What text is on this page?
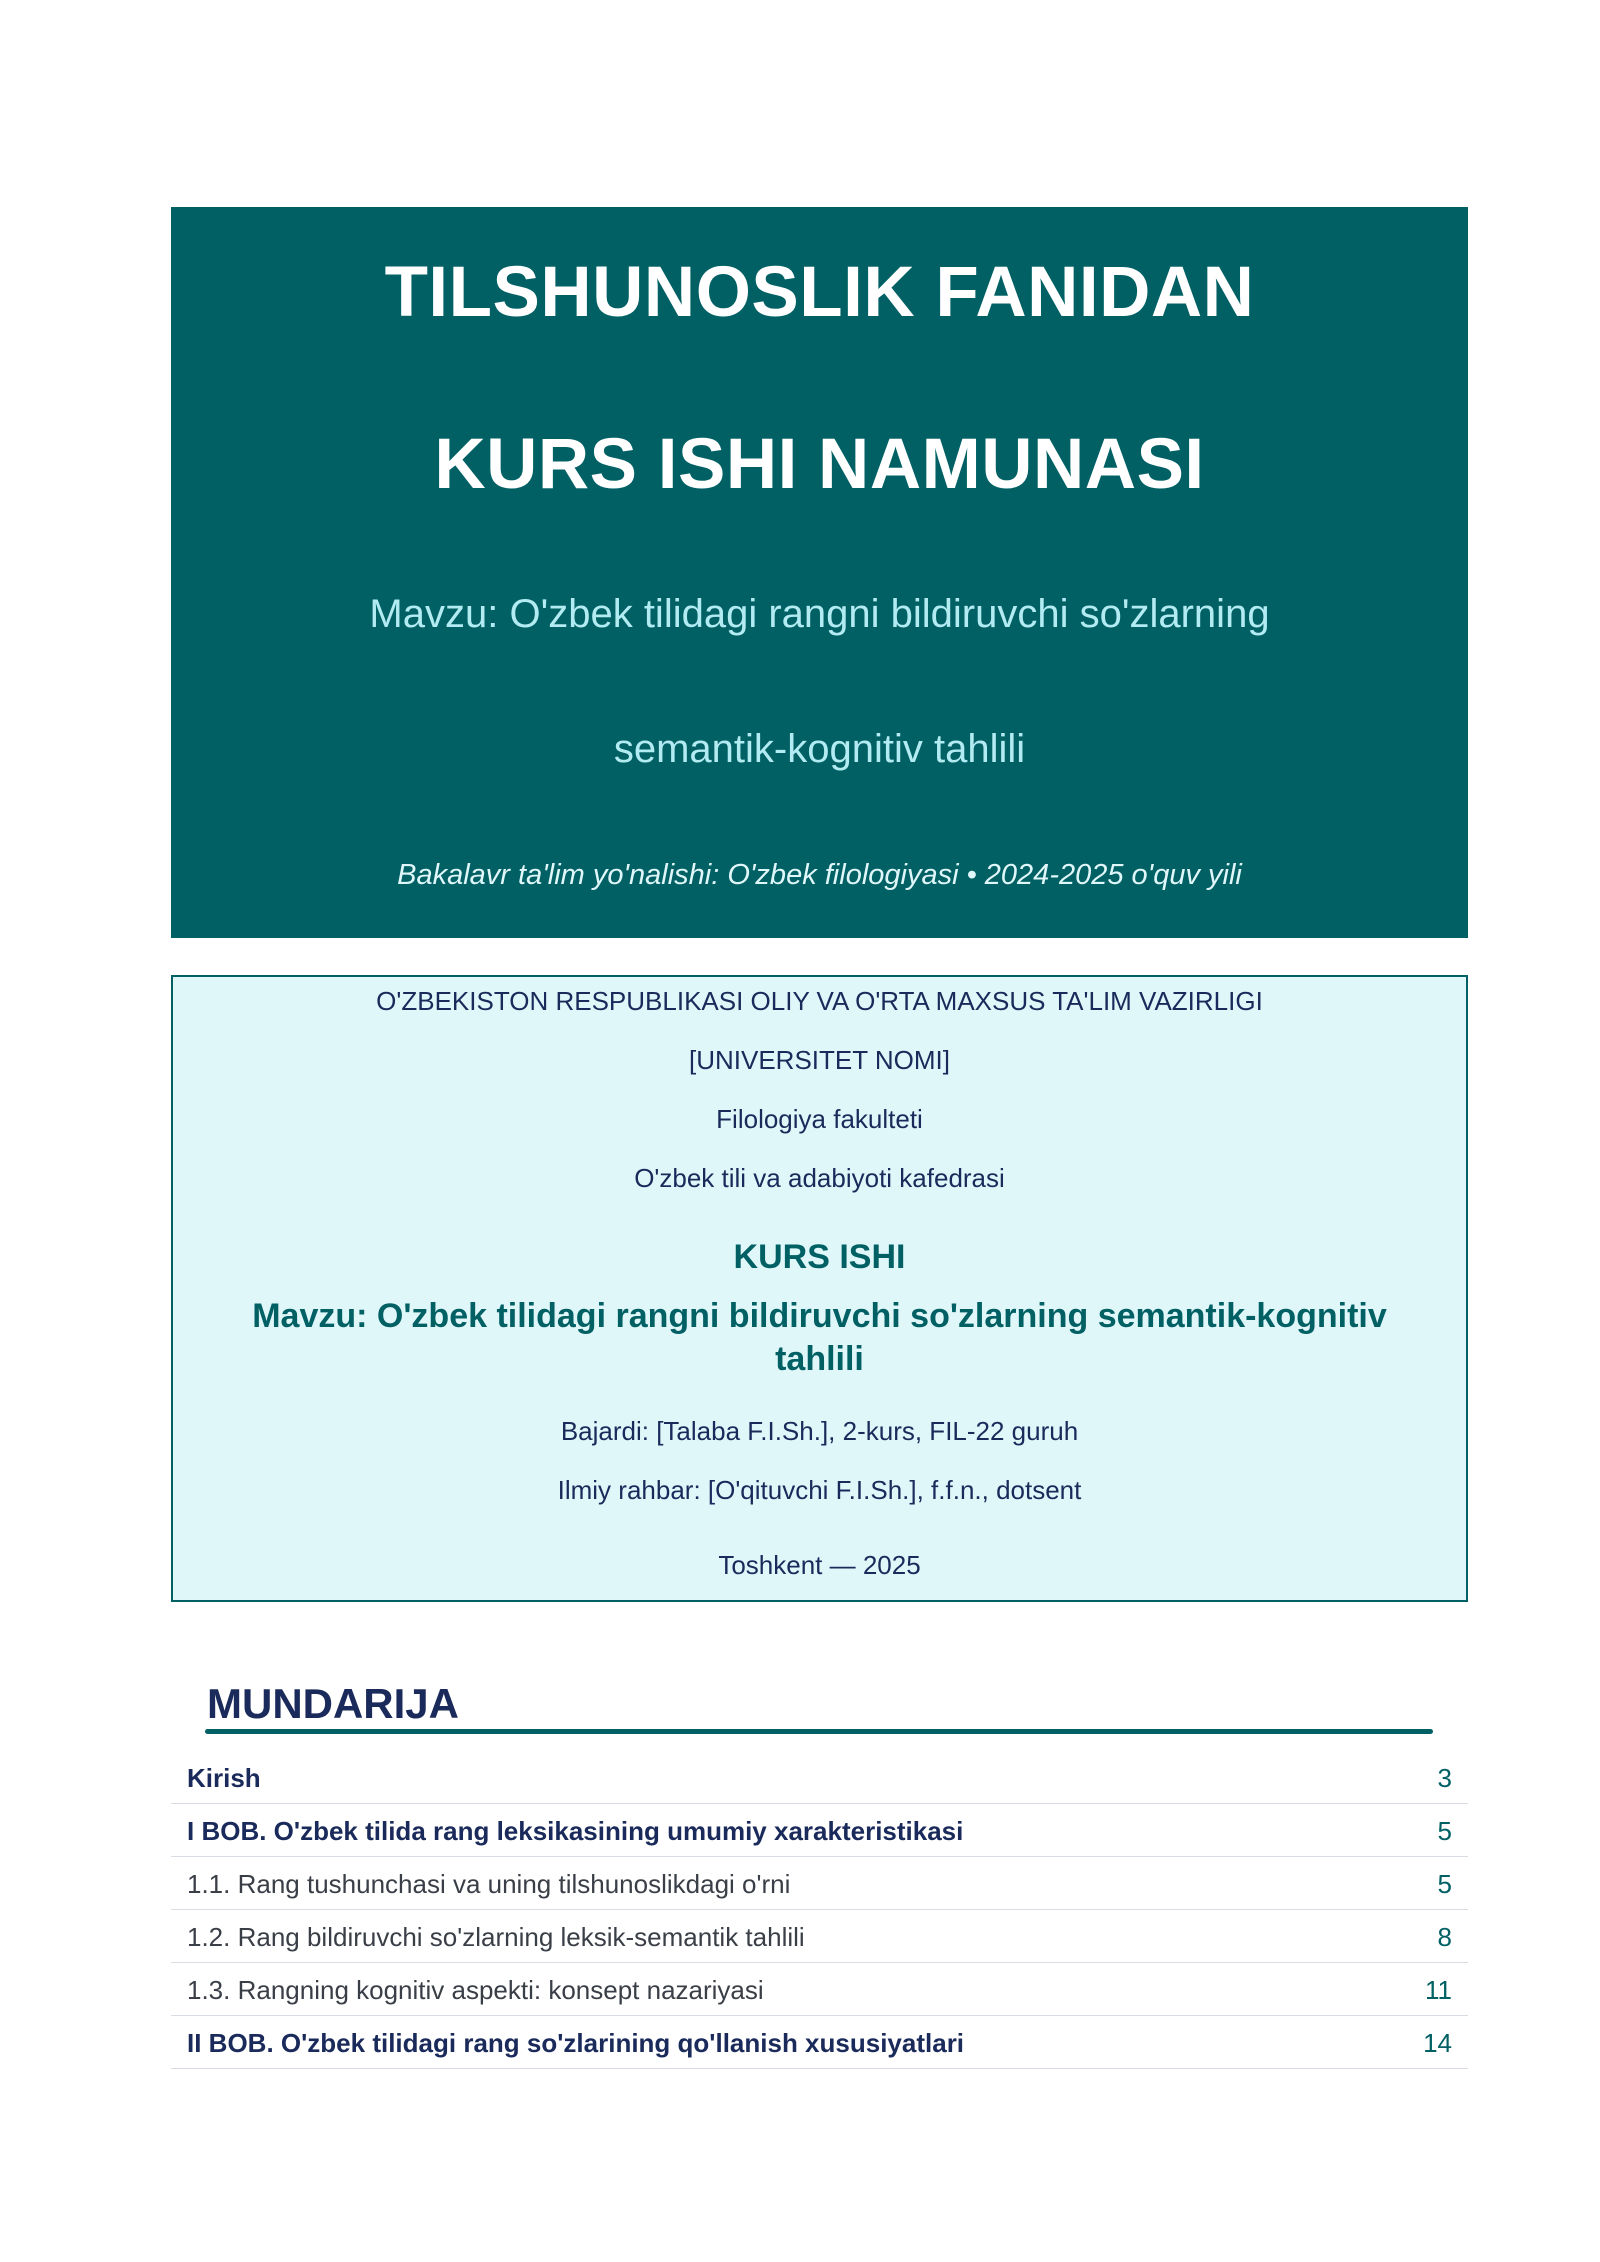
TILSHUNOSLIK FANIDAN
KURS ISHI NAMUNASI
Mavzu: O'zbek tilidagi rangni bildiruvchi so'zlarning
semantik-kognitiv tahlili
Bakalavr ta'lim yo'nalishi: O'zbek filologiyasi • 2024-2025 o'quv yili
O'ZBEKISTON RESPUBLIKASI OLIY VA O'RTA MAXSUS TA'LIM VAZIRLIGI
[UNIVERSITET NOMI]
Filologiya fakulteti
O'zbek tili va adabiyoti kafedrasi
KURS ISHI
Mavzu: O'zbek tilidagi rangni bildiruvchi so'zlarning semantik-kognitiv tahlili
Bajardi: [Talaba F.I.Sh.], 2-kurs, FIL-22 guruh
Ilmiy rahbar: [O'qituvchi F.I.Sh.], f.f.n., dotsent
Toshkent — 2025
MUNDARIJA
Kirish	3
I BOB. O'zbek tilida rang leksikasining umumiy xarakteristikasi	5
1.1. Rang tushunchasi va uning tilshunoslikdagi o'rni	5
1.2. Rang bildiruvchi so'zlarning leksik-semantik tahlili	8
1.3. Rangning kognitiv aspekti: konsept nazariyasi	11
II BOB. O'zbek tilidagi rang so'zlarining qo'llanish xususiyatlari	14
